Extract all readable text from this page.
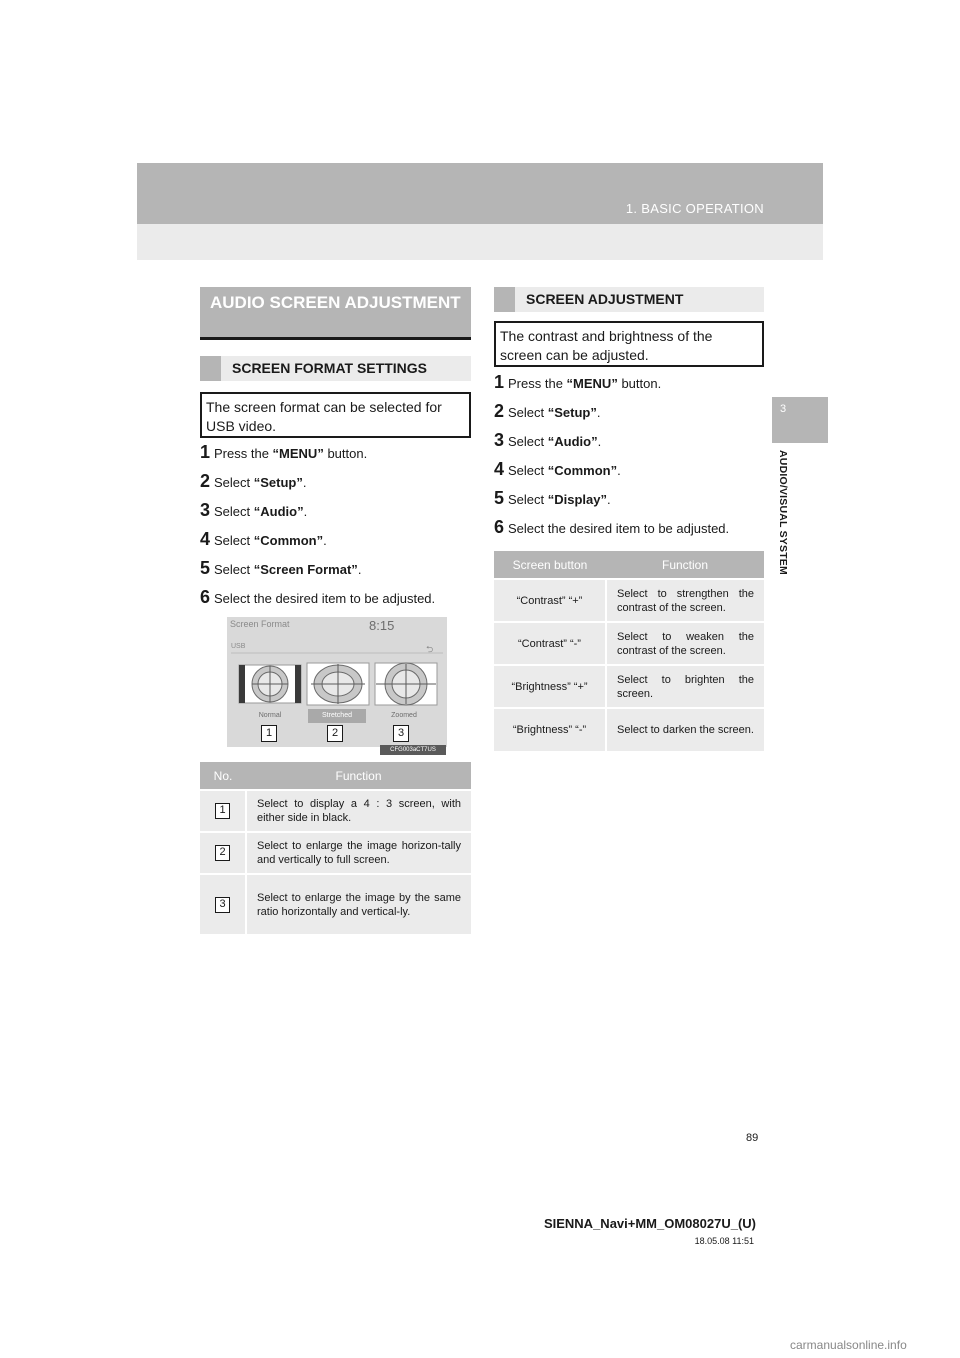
1. BASIC OPERATION
3
AUDIO/VISUAL SYSTEM
AUDIO SCREEN ADJUSTMENT
SCREEN FORMAT SETTINGS
The screen format can be selected for USB video.
1 Press the “MENU” button.
2 Select “Setup”.
3 Select “Audio”.
4 Select “Common”.
5 Select “Screen Format”.
6 Select the desired item to be adjusted.
Screen Format	8:15
USB	⮌
Normal	Stretched	Zoomed
1	2	3
CFG003aCT7US
No.	Function
1	Select to display a 4 : 3 screen, with either side in black.
2	Select to enlarge the image horizon-tally and vertically to full screen.
3	Select to enlarge the image by the same ratio horizontally and vertical-ly.
SCREEN ADJUSTMENT
The contrast and brightness of the screen can be adjusted.
1 Press the “MENU” button.
2 Select “Setup”.
3 Select “Audio”.
4 Select “Common”.
5 Select “Display”.
6 Select the desired item to be adjusted.
Screen button	Function
“Contrast” “+”	Select to strengthen the contrast of the screen.
“Contrast” “-”	Select to weaken the contrast of the screen.
“Brightness” “+”	Select to brighten the screen.
“Brightness” “-”	Select to darken the screen.
89
SIENNA_Navi+MM_OM08027U_(U)
18.05.08 11:51
carmanualsonline.info
